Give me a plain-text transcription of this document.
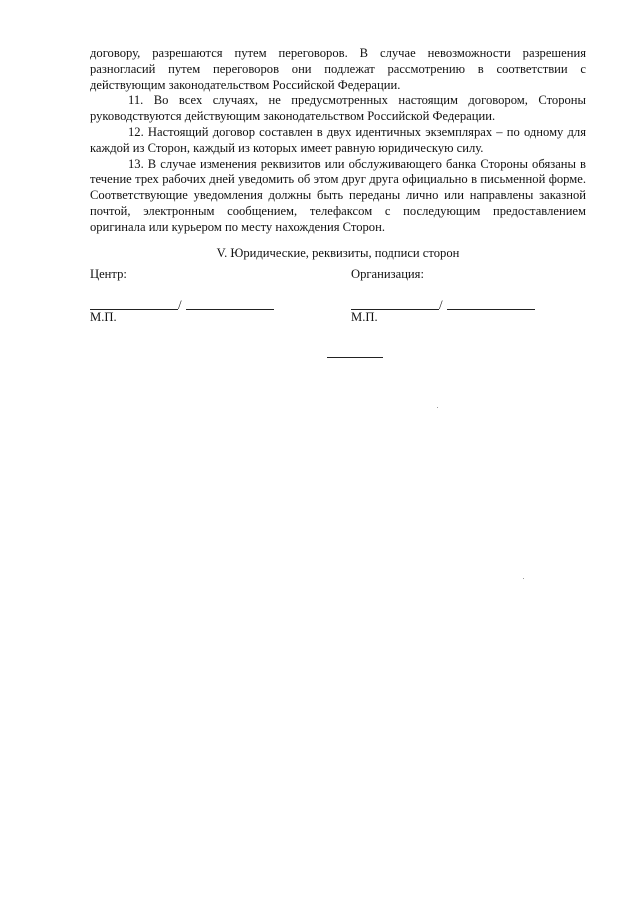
договору, разрешаются путем переговоров. В случае невозможности разрешения разногласий путем переговоров они подлежат рассмотрению в соответствии с действующим законодательством Российской Федерации.

11. Во всех случаях, не предусмотренных настоящим договором, Стороны руководствуются действующим законодательством Российской Федерации.

12. Настоящий договор составлен в двух идентичных экземплярах – по одному для каждой из Сторон, каждый из которых имеет равную юридическую силу.

13. В случае изменения реквизитов или обслуживающего банка Стороны обязаны в течение трех рабочих дней уведомить об этом друг друга официально в письменной форме. Соответствующие уведомления должны быть переданы лично или направлены заказной почтой, электронным сообщением, телефаксом с последующим предоставлением оригинала или курьером по месту нахождения Сторон.

V. Юридические, реквизиты, подписи сторон

Центр:	Организация:

/	/

М.П.	М.П.
